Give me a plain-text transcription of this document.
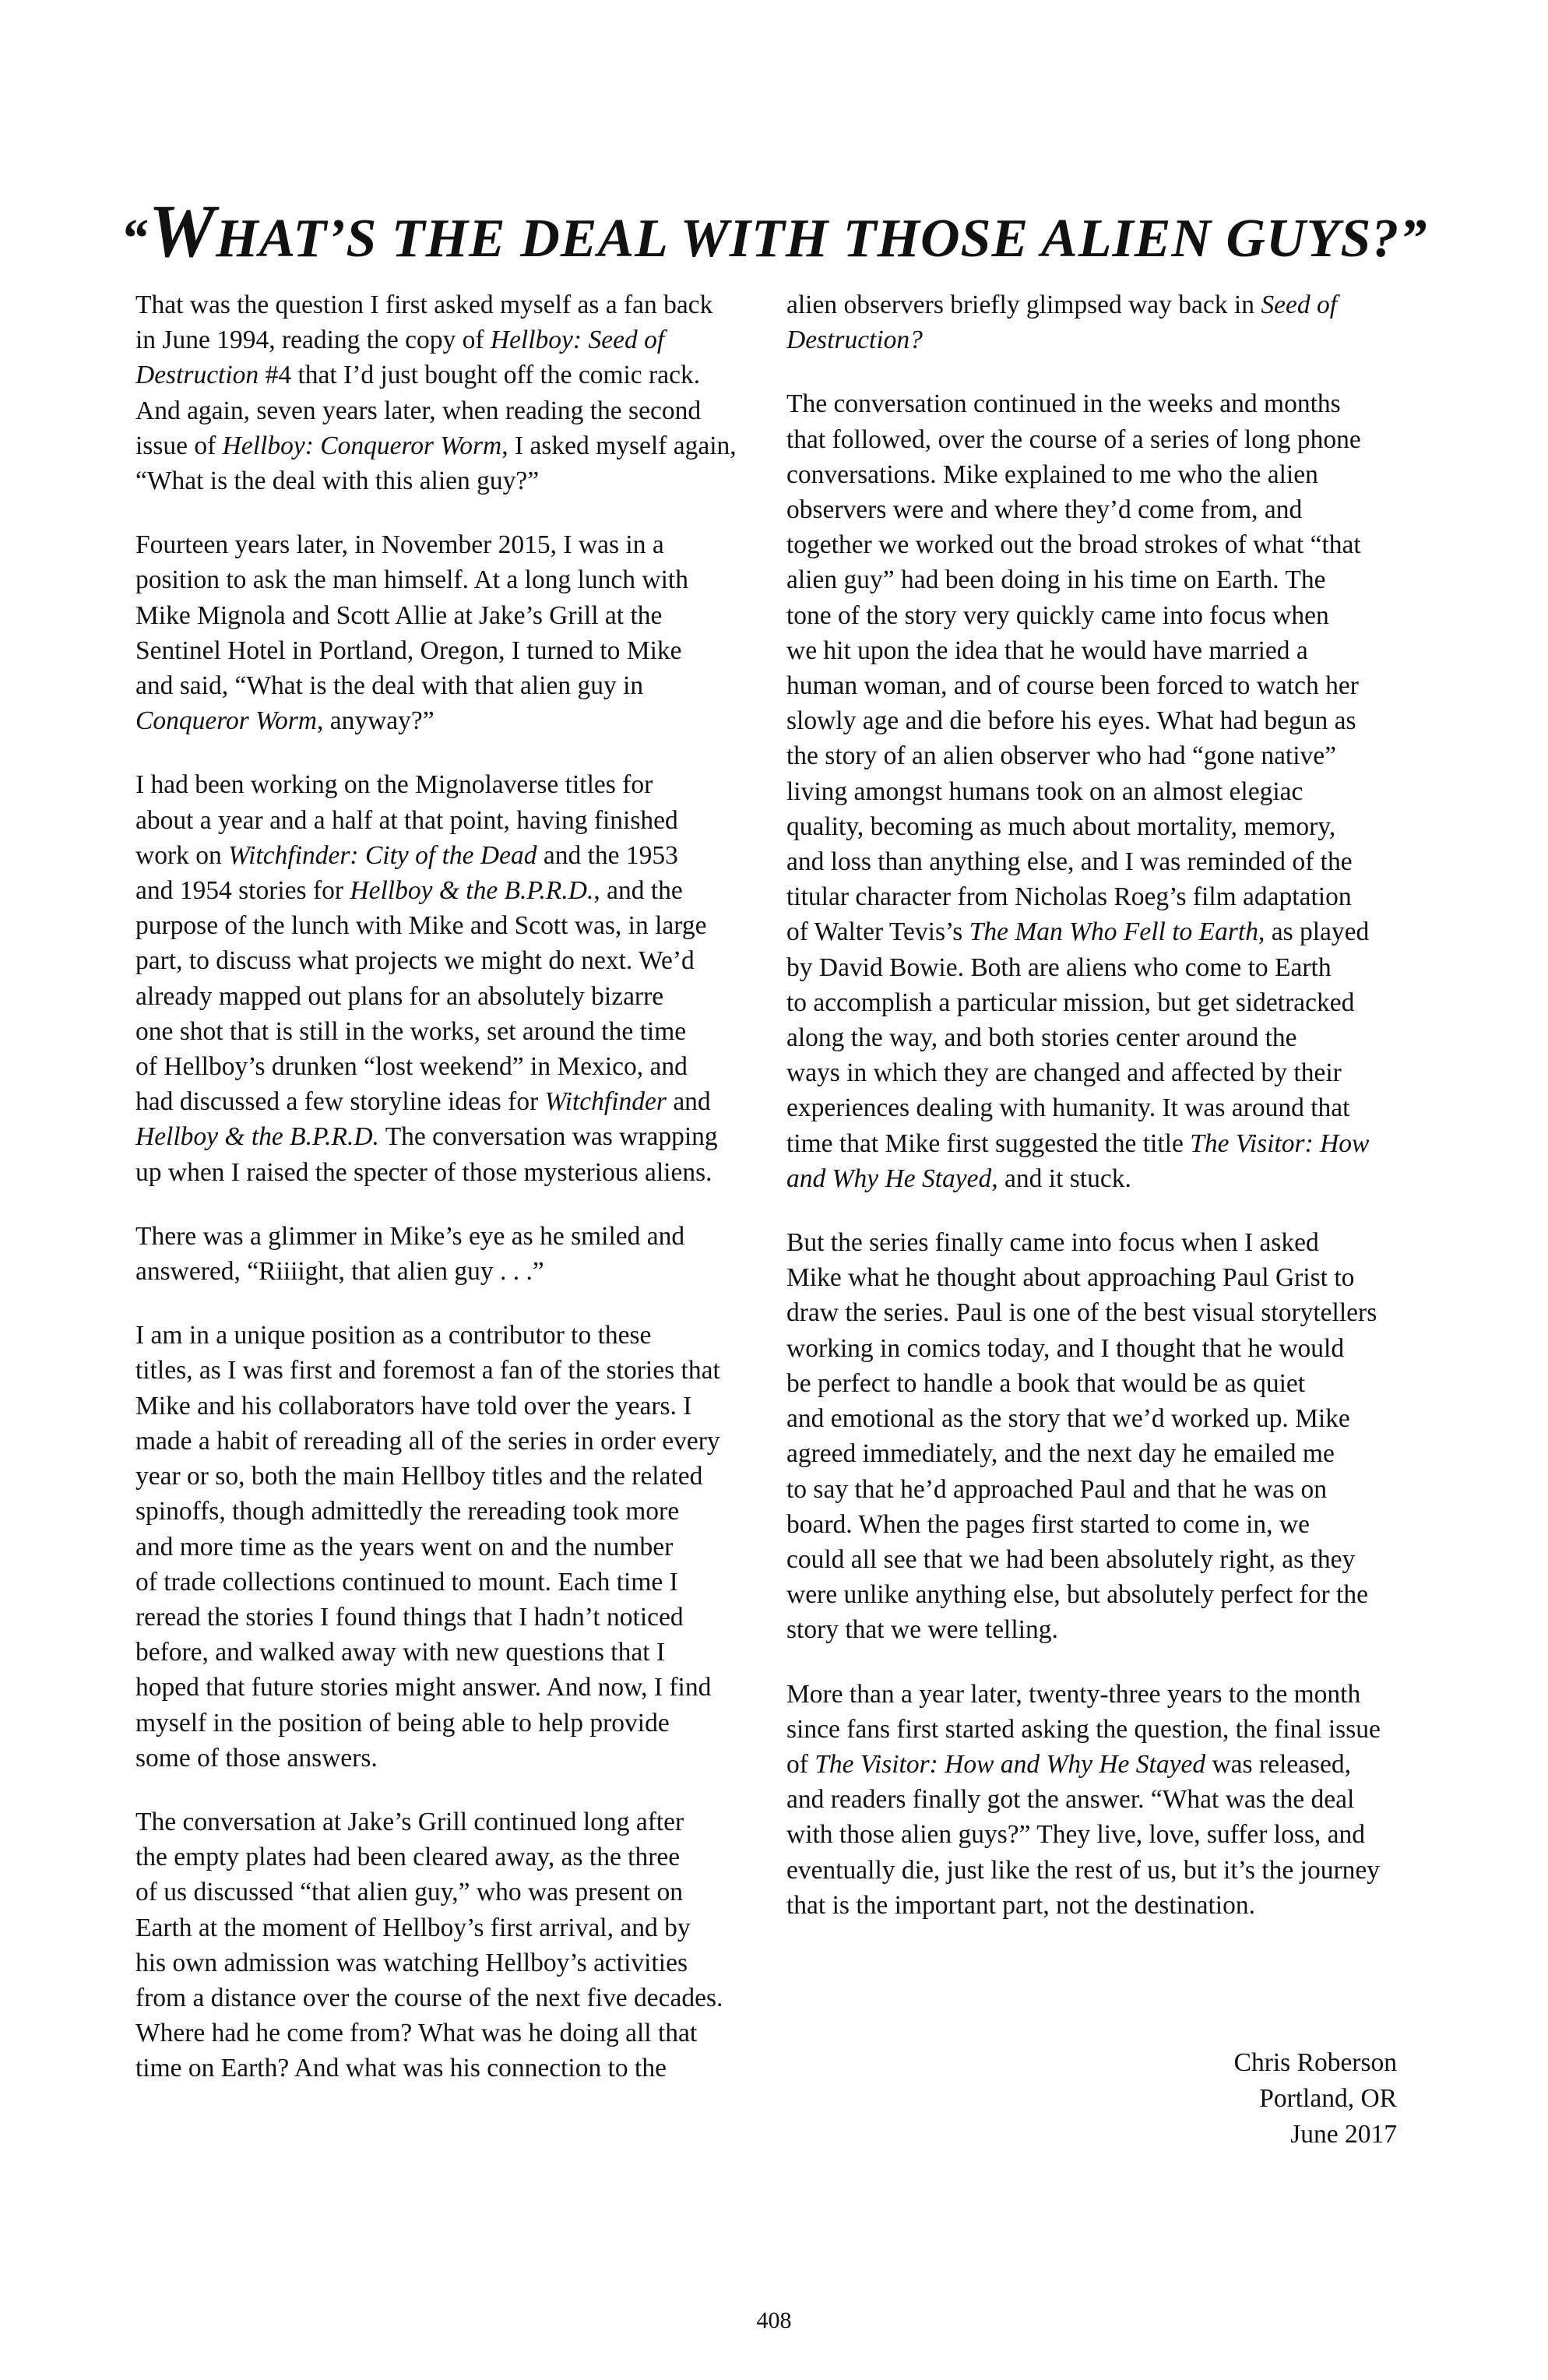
“WHAT’S THE DEAL WITH THOSE ALIEN GUYS?”

That was the question I first asked myself as a fan back
in June 1994, reading the copy of Hellboy: Seed of
Destruction #4 that I’d just bought off the comic rack.
And again, seven years later, when reading the second
issue of Hellboy: Conqueror Worm, I asked myself again,
“What is the deal with this alien guy?”

Fourteen years later, in November 2015, I was in a
position to ask the man himself. At a long lunch with
Mike Mignola and Scott Allie at Jake’s Grill at the
Sentinel Hotel in Portland, Oregon, I turned to Mike
and said, “What is the deal with that alien guy in
Conqueror Worm, anyway?”

I had been working on the Mignolaverse titles for
about a year and a half at that point, having finished
work on Witchfinder: City of the Dead and the 1953
and 1954 stories for Hellboy & the B.P.R.D., and the
purpose of the lunch with Mike and Scott was, in large
part, to discuss what projects we might do next. We’d
already mapped out plans for an absolutely bizarre
one shot that is still in the works, set around the time
of Hellboy’s drunken “lost weekend” in Mexico, and
had discussed a few storyline ideas for Witchfinder and
Hellboy & the B.P.R.D. The conversation was wrapping
up when I raised the specter of those mysterious aliens.

There was a glimmer in Mike’s eye as he smiled and
answered, “Riiiight, that alien guy . . .”

I am in a unique position as a contributor to these
titles, as I was first and foremost a fan of the stories that
Mike and his collaborators have told over the years. I
made a habit of rereading all of the series in order every
year or so, both the main Hellboy titles and the related
spinoffs, though admittedly the rereading took more
and more time as the years went on and the number
of trade collections continued to mount. Each time I
reread the stories I found things that I hadn’t noticed
before, and walked away with new questions that I
hoped that future stories might answer. And now, I find
myself in the position of being able to help provide
some of those answers.

The conversation at Jake’s Grill continued long after
the empty plates had been cleared away, as the three
of us discussed “that alien guy,” who was present on
Earth at the moment of Hellboy’s first arrival, and by
his own admission was watching Hellboy’s activities
from a distance over the course of the next five decades.
Where had he come from? What was he doing all that
time on Earth? And what was his connection to the

alien observers briefly glimpsed way back in Seed of
Destruction?

The conversation continued in the weeks and months
that followed, over the course of a series of long phone
conversations. Mike explained to me who the alien
observers were and where they’d come from, and
together we worked out the broad strokes of what “that
alien guy” had been doing in his time on Earth. The
tone of the story very quickly came into focus when
we hit upon the idea that he would have married a
human woman, and of course been forced to watch her
slowly age and die before his eyes. What had begun as
the story of an alien observer who had “gone native”
living amongst humans took on an almost elegiac
quality, becoming as much about mortality, memory,
and loss than anything else, and I was reminded of the
titular character from Nicholas Roeg’s film adaptation
of Walter Tevis’s The Man Who Fell to Earth, as played
by David Bowie. Both are aliens who come to Earth
to accomplish a particular mission, but get sidetracked
along the way, and both stories center around the
ways in which they are changed and affected by their
experiences dealing with humanity. It was around that
time that Mike first suggested the title The Visitor: How
and Why He Stayed, and it stuck.

But the series finally came into focus when I asked
Mike what he thought about approaching Paul Grist to
draw the series. Paul is one of the best visual storytellers
working in comics today, and I thought that he would
be perfect to handle a book that would be as quiet
and emotional as the story that we’d worked up. Mike
agreed immediately, and the next day he emailed me
to say that he’d approached Paul and that he was on
board. When the pages first started to come in, we
could all see that we had been absolutely right, as they
were unlike anything else, but absolutely perfect for the
story that we were telling.

More than a year later, twenty-three years to the month
since fans first started asking the question, the final issue
of The Visitor: How and Why He Stayed was released,
and readers finally got the answer. “What was the deal
with those alien guys?” They live, love, suffer loss, and
eventually die, just like the rest of us, but it’s the journey
that is the important part, not the destination.

Chris Roberson
Portland, OR
June 2017
408
